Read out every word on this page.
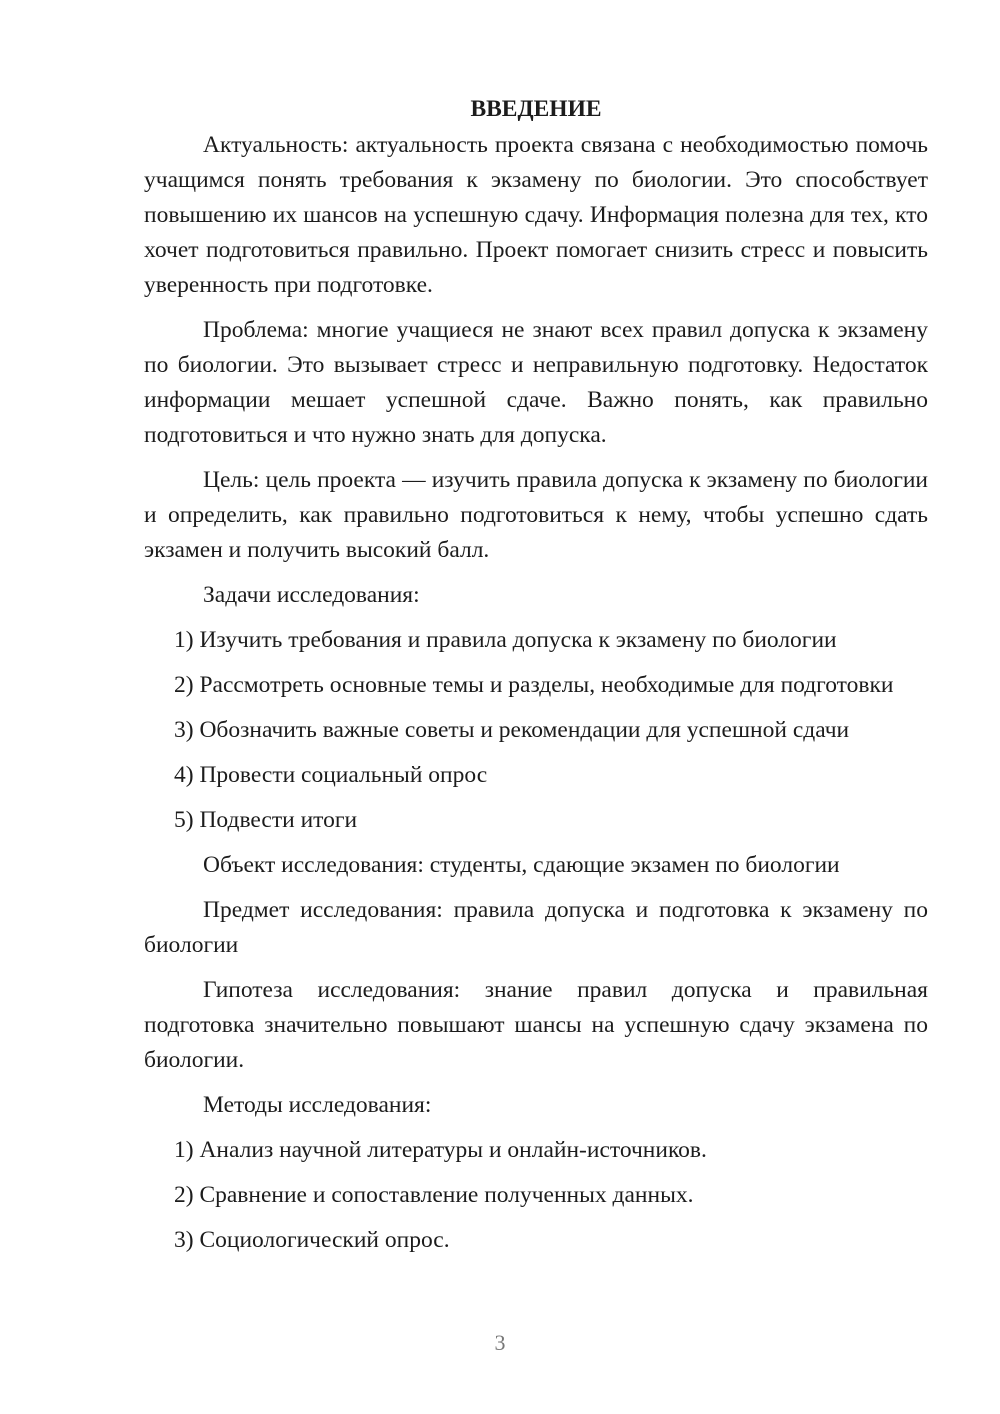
ВВЕДЕНИЕ

Актуальность: актуальность проекта связана с необходимостью помочь учащимся понять требования к экзамену по биологии. Это способствует повышению их шансов на успешную сдачу. Информация полезна для тех, кто хочет подготовиться правильно. Проект помогает снизить стресс и повысить уверенность при подготовке.

Проблема: многие учащиеся не знают всех правил допуска к экзамену по биологии. Это вызывает стресс и неправильную подготовку. Недостаток информации мешает успешной сдаче. Важно понять, как правильно подготовиться и что нужно знать для допуска.

Цель: цель проекта — изучить правила допуска к экзамену по биологии и определить, как правильно подготовиться к нему, чтобы успешно сдать экзамен и получить высокий балл.

Задачи исследования:

1) Изучить требования и правила допуска к экзамену по биологии

2) Рассмотреть основные темы и разделы, необходимые для подготовки

3) Обозначить важные советы и рекомендации для успешной сдачи

4) Провести социальный опрос

5) Подвести итоги

Объект исследования: студенты, сдающие экзамен по биологии

Предмет исследования: правила допуска и подготовка к экзамену по биологии

Гипотеза исследования: знание правил допуска и правильная подготовка значительно повышают шансы на успешную сдачу экзамена по биологии.

Методы исследования:

1) Анализ научной литературы и онлайн-источников.

2) Сравнение и сопоставление полученных данных.

3) Социологический опрос.

3
